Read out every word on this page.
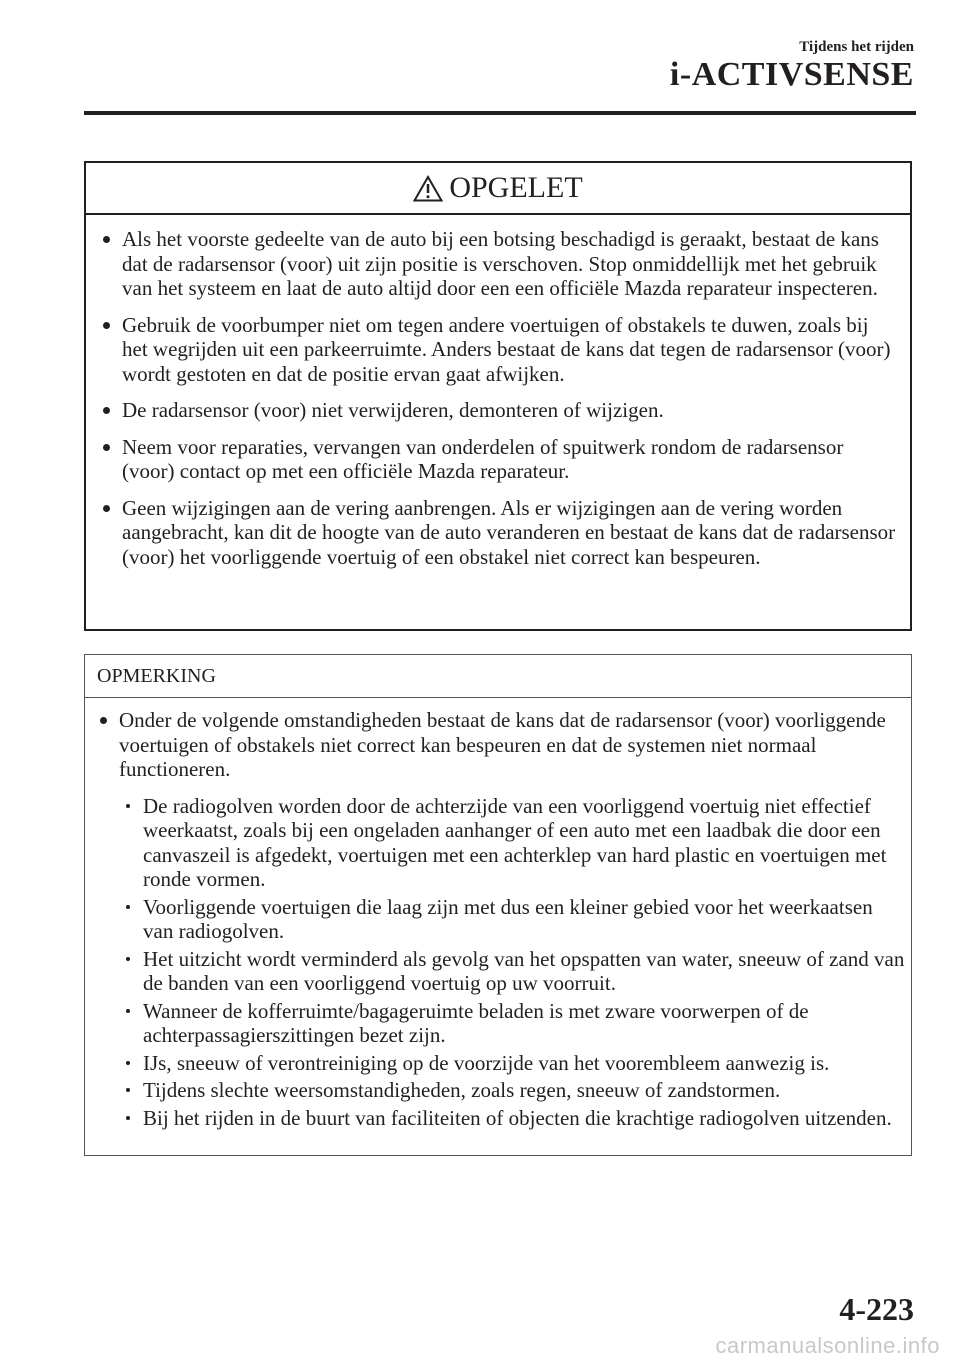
Tijdens het rijden
i-ACTIVSENSE
OPGELET
Als het voorste gedeelte van de auto bij een botsing beschadigd is geraakt, bestaat de kans dat de radarsensor (voor) uit zijn positie is verschoven. Stop onmiddellijk met het gebruik van het systeem en laat de auto altijd door een een officiële Mazda reparateur inspecteren.
Gebruik de voorbumper niet om tegen andere voertuigen of obstakels te duwen, zoals bij het wegrijden uit een parkeerruimte. Anders bestaat de kans dat tegen de radarsensor (voor) wordt gestoten en dat de positie ervan gaat afwijken.
De radarsensor (voor) niet verwijderen, demonteren of wijzigen.
Neem voor reparaties, vervangen van onderdelen of spuitwerk rondom de radarsensor (voor) contact op met een officiële Mazda reparateur.
Geen wijzigingen aan de vering aanbrengen. Als er wijzigingen aan de vering worden aangebracht, kan dit de hoogte van de auto veranderen en bestaat de kans dat de radarsensor (voor) het voorliggende voertuig of een obstakel niet correct kan bespeuren.
OPMERKING
Onder de volgende omstandigheden bestaat de kans dat de radarsensor (voor) voorliggende voertuigen of obstakels niet correct kan bespeuren en dat de systemen niet normaal functioneren.
De radiogolven worden door de achterzijde van een voorliggend voertuig niet effectief weerkaatst, zoals bij een ongeladen aanhanger of een auto met een laadbak die door een canvaszeil is afgedekt, voertuigen met een achterklep van hard plastic en voertuigen met ronde vormen.
Voorliggende voertuigen die laag zijn met dus een kleiner gebied voor het weerkaatsen van radiogolven.
Het uitzicht wordt verminderd als gevolg van het opspatten van water, sneeuw of zand van de banden van een voorliggend voertuig op uw voorruit.
Wanneer de kofferruimte/bagageruimte beladen is met zware voorwerpen of de achterpassagierszittingen bezet zijn.
IJs, sneeuw of verontreiniging op de voorzijde van het voorembleem aanwezig is.
Tijdens slechte weersomstandigheden, zoals regen, sneeuw of zandstormen.
Bij het rijden in de buurt van faciliteiten of objecten die krachtige radiogolven uitzenden.
4-223
carmanualsonline.info
